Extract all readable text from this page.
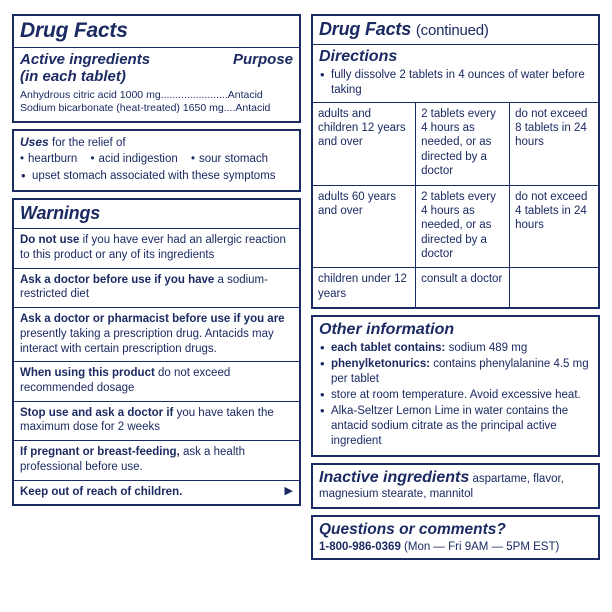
Drug Facts
Active ingredients	Purpose
(in each tablet)
Anhydrous citric acid 1000 mg.......................Antacid
Sodium bicarbonate (heat-treated) 1650 mg....Antacid
Uses for the relief of
• heartburn • acid indigestion • sour stomach
• upset stomach associated with these symptoms
Warnings
Do not use if you have ever had an allergic reaction to this product or any of its ingredients
Ask a doctor before use if you have a sodium-restricted diet
Ask a doctor or pharmacist before use if you are presently taking a prescription drug. Antacids may interact with certain prescription drugs.
When using this product do not exceed recommended dosage
Stop use and ask a doctor if you have taken the maximum dose for 2 weeks
If pregnant or breast-feeding, ask a health professional before use.
Keep out of reach of children.	▶
Drug Facts (continued)
Directions
• fully dissolve 2 tablets in 4 ounces of water before taking
adults and children 12 years and over	2 tablets every 4 hours as needed, or as directed by a doctor	do not exceed 8 tablets in 24 hours
adults 60 years and over	2 tablets every 4 hours as needed, or as directed by a doctor	do not exceed 4 tablets in 24 hours
children under 12 years	consult a doctor	
Other information
• each tablet contains: sodium 489 mg
• phenylketonurics: contains phenylalanine 4.5 mg per tablet
• store at room temperature. Avoid excessive heat.
• Alka-Seltzer Lemon Lime in water contains the antacid sodium citrate as the principal active ingredient
Inactive ingredients aspartame, flavor, magnesium stearate, mannitol
Questions or comments?
1-800-986-0369 (Mon — Fri 9AM — 5PM EST)
